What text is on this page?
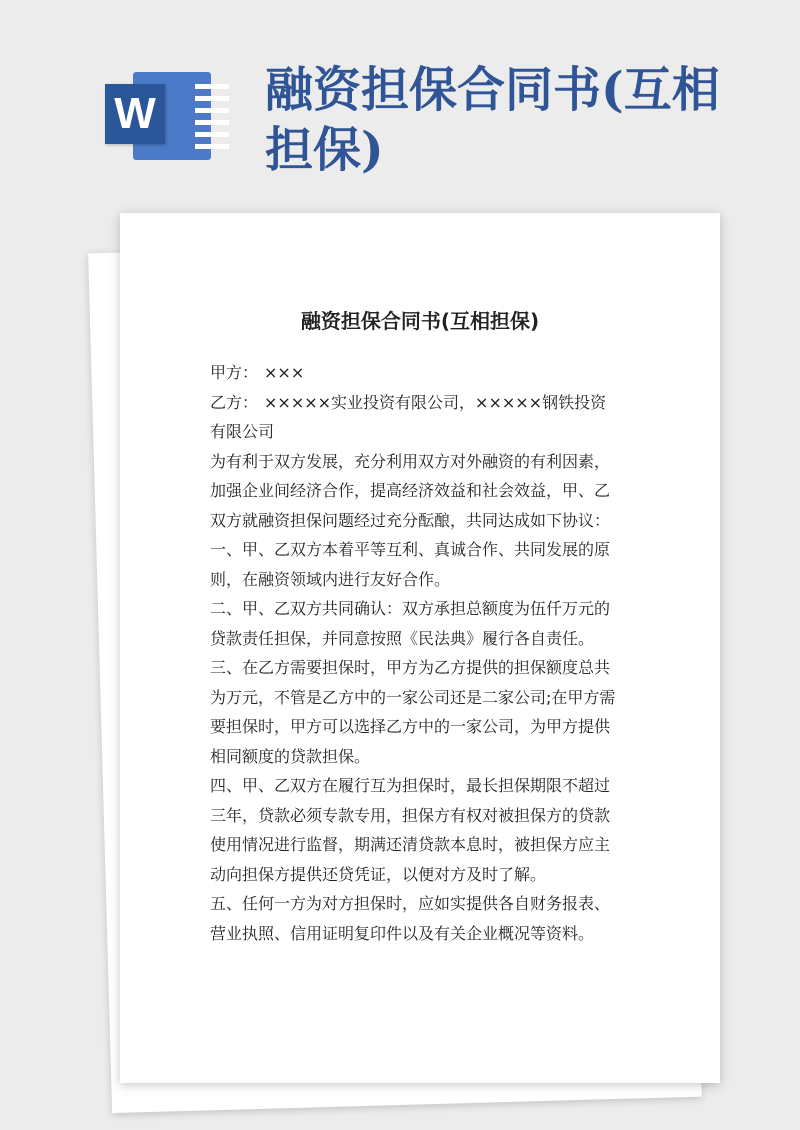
W 融资担保合同书(互相担保)
融资担保合同书(互相担保)

甲方： ×××

乙方： ×××××实业投资有限公司，×××××钢铁投资有限公司

为有利于双方发展，充分利用双方对外融资的有利因素，加强企业间经济合作，提高经济效益和社会效益，甲、乙双方就融资担保问题经过充分酝酿，共同达成如下协议：

一、甲、乙双方本着平等互利、真诚合作、共同发展的原则，在融资领域内进行友好合作。

二、甲、乙双方共同确认：双方承担总额度为伍仟万元的贷款责任担保，并同意按照《民法典》履行各自责任。

三、在乙方需要担保时，甲方为乙方提供的担保额度总共为万元，不管是乙方中的一家公司还是二家公司;在甲方需要担保时，甲方可以选择乙方中的一家公司，为甲方提供相同额度的贷款担保。

四、甲、乙双方在履行互为担保时，最长担保期限不超过三年，贷款必须专款专用，担保方有权对被担保方的贷款使用情况进行监督，期满还清贷款本息时，被担保方应主动向担保方提供还贷凭证，以便对方及时了解。

五、任何一方为对方担保时，应如实提供各自财务报表、营业执照、信用证明复印件以及有关企业概况等资料。
